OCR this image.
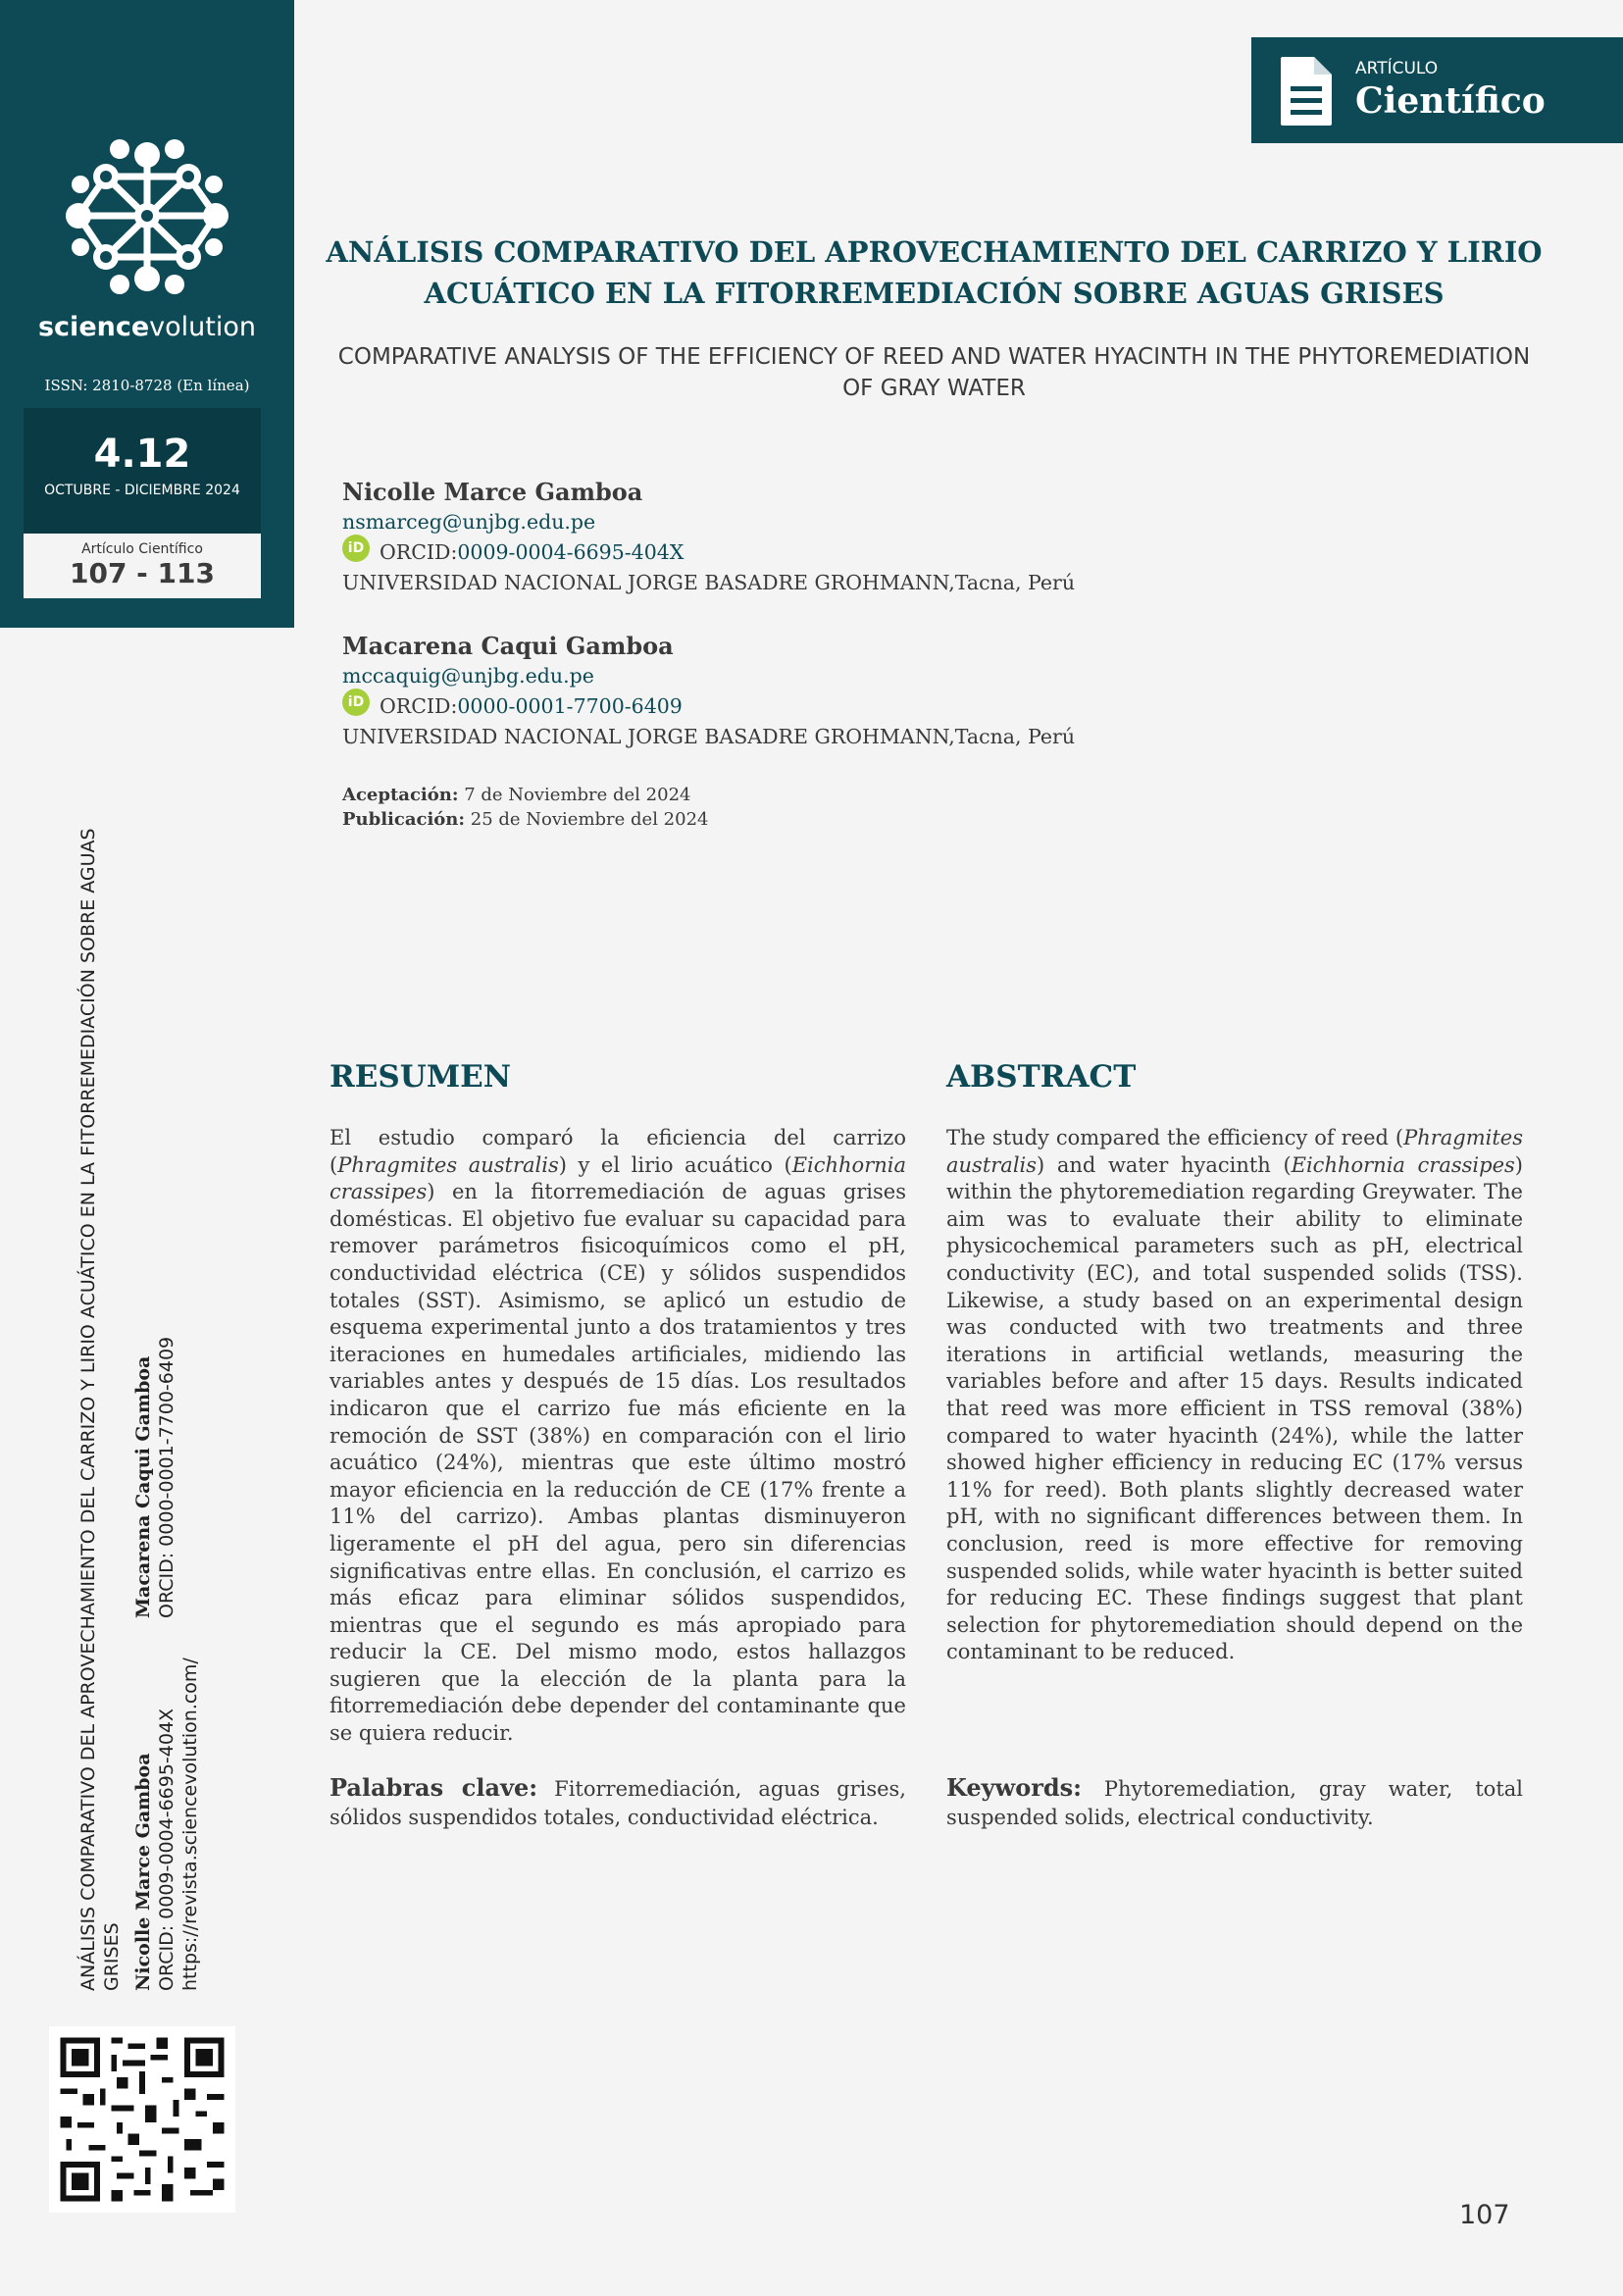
sciencevolution
ISSN: 2810-8728 (En línea)
4.12
OCTUBRE - DICIEMBRE 2024
Artículo Científico
107 - 113
ARTÍCULO
Científico
ANÁLISIS COMPARATIVO DEL APROVECHAMIENTO DEL CARRIZO Y LIRIO ACUÁTICO EN LA FITORREMEDIACIÓN SOBRE AGUAS GRISES
COMPARATIVE ANALYSIS OF THE EFFICIENCY OF REED AND WATER HYACINTH IN THE PHYTOREMEDIATION OF GRAY WATER
Nicolle Marce Gamboa
nsmarceg@unjbg.edu.pe
iD ORCID: 0009-0004-6695-404X
UNIVERSIDAD NACIONAL JORGE BASADRE GROHMANN,Tacna, Perú
Macarena Caqui Gamboa
mccaquig@unjbg.edu.pe
iD ORCID: 0000-0001-7700-6409
UNIVERSIDAD NACIONAL JORGE BASADRE GROHMANN,Tacna, Perú
Aceptación: 7 de Noviembre del 2024
Publicación: 25 de Noviembre del 2024
RESUMEN
El estudio comparó la eficiencia del carrizo (Phragmites australis) y el lirio acuático (Eichhornia crassipes) en la fitorremediación de aguas grises domésticas. El objetivo fue evaluar su capacidad para remover parámetros fisicoquímicos como el pH, conductividad eléctrica (CE) y sólidos suspendidos totales (SST). Asimismo, se aplicó un estudio de esquema experimental junto a dos tratamientos y tres iteraciones en humedales artificiales, midiendo las variables antes y después de 15 días. Los resultados indicaron que el carrizo fue más eficiente en la remoción de SST (38%) en comparación con el lirio acuático (24%), mientras que este último mostró mayor eficiencia en la reducción de CE (17% frente a 11% del carrizo). Ambas plantas disminuyeron ligeramente el pH del agua, pero sin diferencias significativas entre ellas. En conclusión, el carrizo es más eficaz para eliminar sólidos suspendidos, mientras que el segundo es más apropiado para reducir la CE. Del mismo modo, estos hallazgos sugieren que la elección de la planta para la fitorremediación debe depender del contaminante que se quiera reducir.
Palabras clave: Fitorremediación, aguas grises, sólidos suspendidos totales, conductividad eléctrica.
ABSTRACT
The study compared the efficiency of reed (Phragmites australis) and water hyacinth (Eichhornia crassipes) within the phytoremediation regarding Greywater. The aim was to evaluate their ability to eliminate physicochemical parameters such as pH, electrical conductivity (EC), and total suspended solids (TSS). Likewise, a study based on an experimental design was conducted with two treatments and three iterations in artificial wetlands, measuring the variables before and after 15 days. Results indicated that reed was more efficient in TSS removal (38%) compared to water hyacinth (24%), while the latter showed higher efficiency in reducing EC (17% versus 11% for reed). Both plants slightly decreased water pH, with no significant differences between them. In conclusion, reed is more effective for removing suspended solids, while water hyacinth is better suited for reducing EC. These findings suggest that plant selection for phytoremediation should depend on the contaminant to be reduced.
Keywords: Phytoremediation, gray water, total suspended solids, electrical conductivity.
ANÁLISIS COMPARATIVO DEL APROVECHAMIENTO DEL CARRIZO Y LIRIO ACUÁTICO EN LA FITORREMEDIACIÓN SOBRE AGUAS GRISES Nicolle Marce Gamboa ORCID: 0009-0004-6695-404X https://revista.sciencevolution.com/
Macarena Caqui Gamboa ORCID: 0000-0001-7700-6409
107
